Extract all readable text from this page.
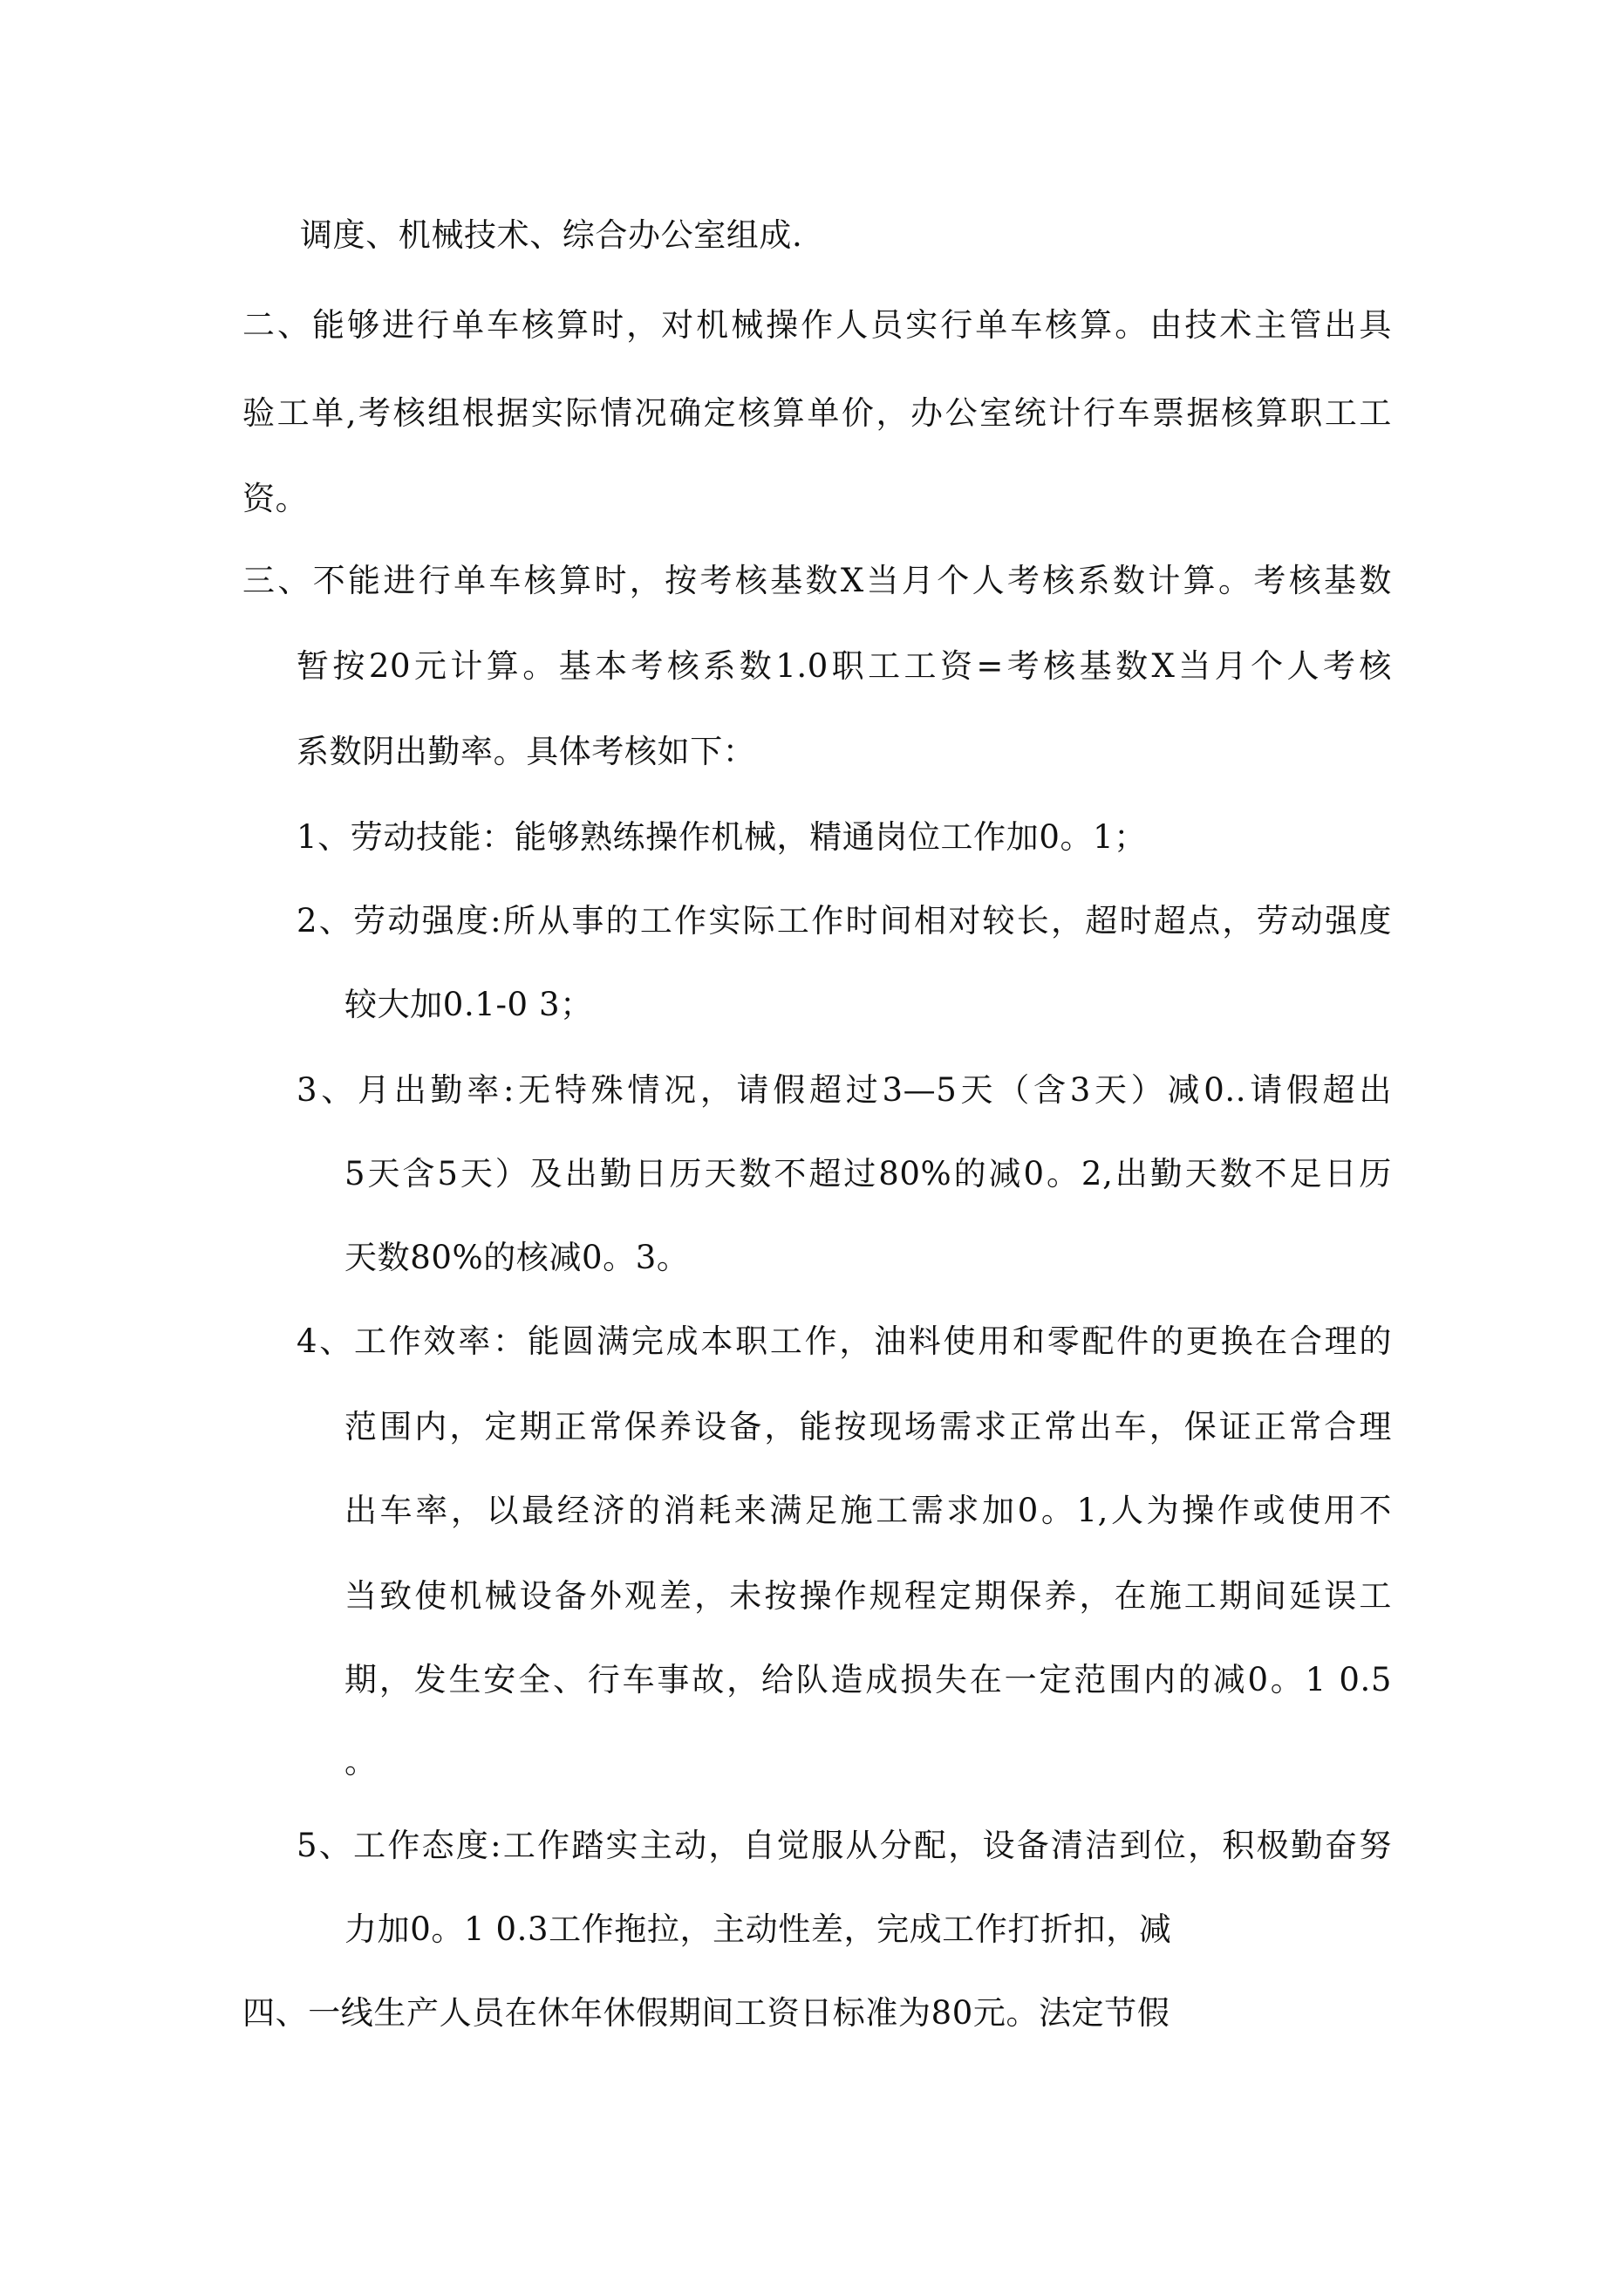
调度、机械技术、综合办公室组成.
二、能够进行单车核算时，对机械操作人员实行单车核算。由技术主管出具
验工单,考核组根据实际情况确定核算单价，办公室统计行车票据核算职工工
资。
三、不能进行单车核算时，按考核基数X当月个人考核系数计算。考核基数
暂按20元计算。基本考核系数1.0职工工资=考核基数X当月个人考核
系数阴出勤率。具体考核如下：
1、劳动技能：能够熟练操作机械，精通岗位工作加0。1；
2、劳动强度:所从事的工作实际工作时间相对较长，超时超点，劳动强度
较大加0.1-0 3；
3、月出勤率:无特殊情况，请假超过3—5天（含3天）减0..请假超出
5天含5天）及出勤日历天数不超过80%的减0。2,出勤天数不足日历
天数80%的核减0。3。
4、工作效率：能圆满完成本职工作，油料使用和零配件的更换在合理的
范围内，定期正常保养设备，能按现场需求正常出车，保证正常合理
出车率，以最经济的消耗来满足施工需求加0。1,人为操作或使用不
当致使机械设备外观差，未按操作规程定期保养，在施工期间延误工
期，发生安全、行车事故，给队造成损失在一定范围内的减0。1 0.5
。
5、工作态度:工作踏实主动，自觉服从分配，设备清洁到位，积极勤奋努
力加0。1 0.3工作拖拉，主动性差，完成工作打折扣，减
四、一线生产人员在休年休假期间工资日标准为80元。法定节假
